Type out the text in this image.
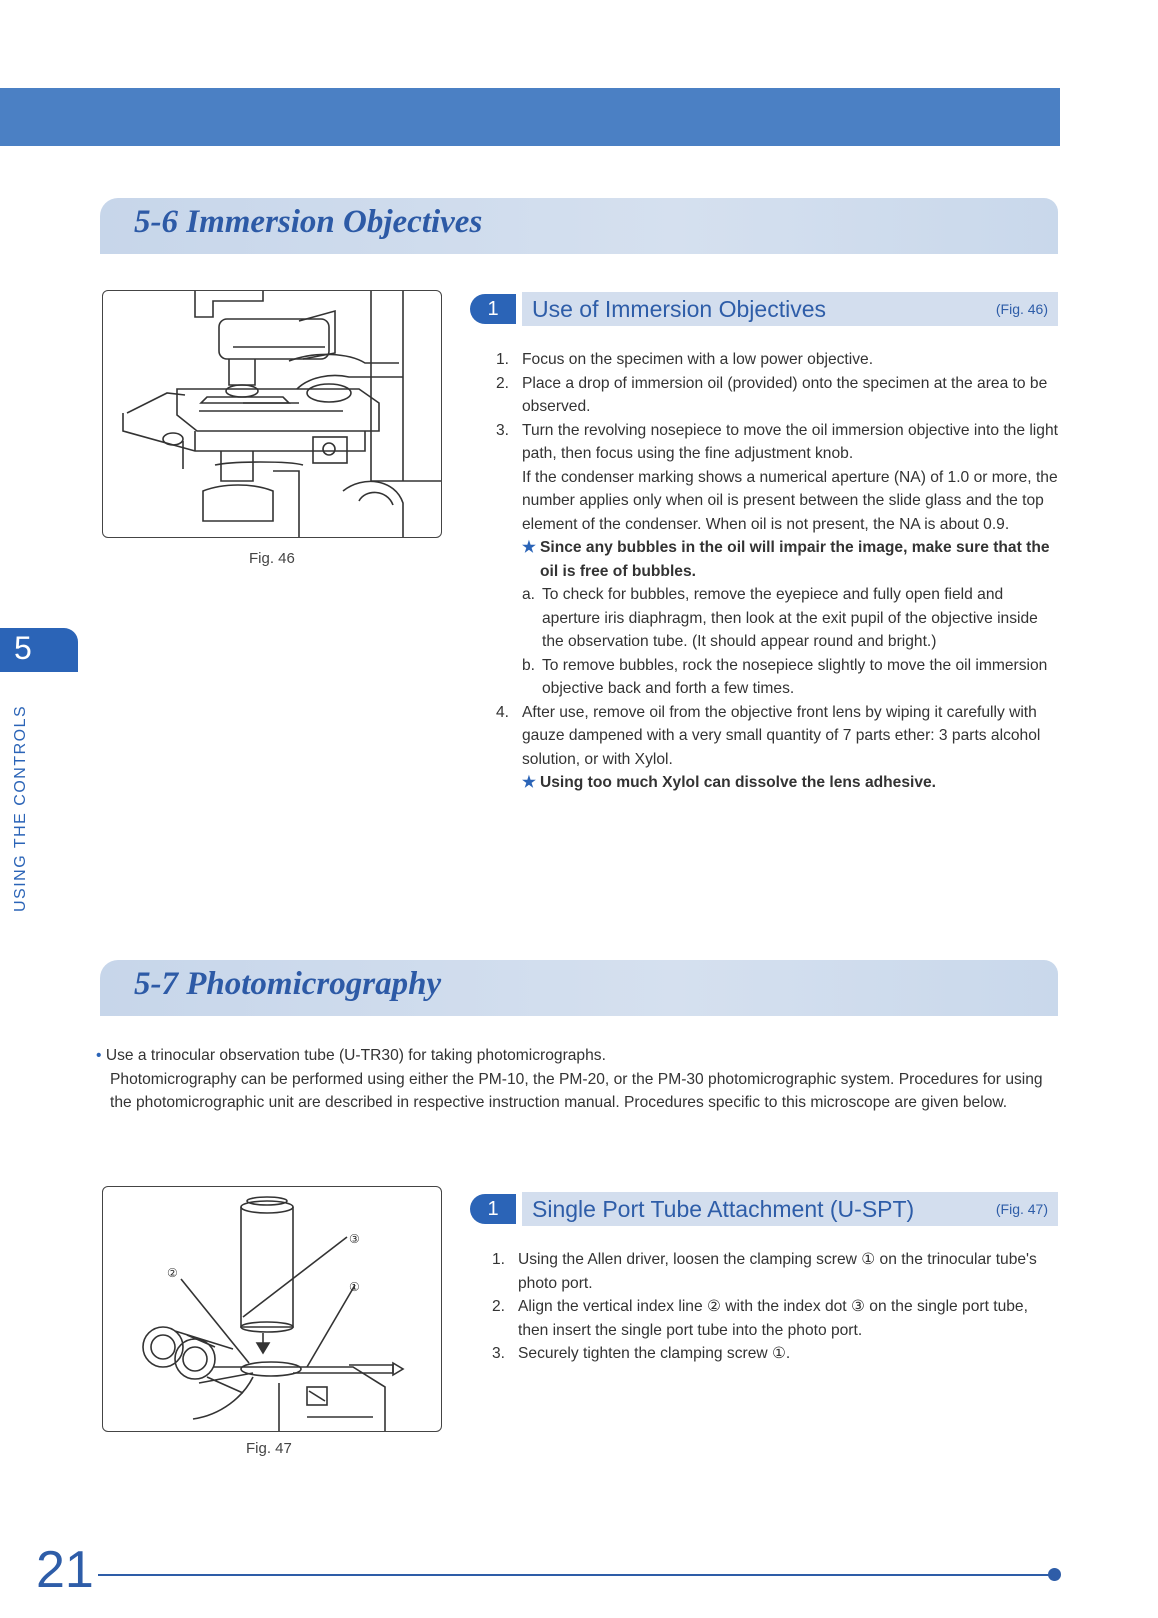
5-6 Immersion Objectives
Fig. 46
1	Use of Immersion Objectives	(Fig. 46)
1. Focus on the specimen with a low power objective.
2. Place a drop of immersion oil (provided) onto the specimen at the area to be observed.
3. Turn the revolving nosepiece to move the oil immersion objective into the light path, then focus using the fine adjustment knob.
If the condenser marking shows a numerical aperture (NA) of 1.0 or more, the number applies only when oil is present between the slide glass and the top element of the condenser. When oil is not present, the NA is about 0.9.
★ Since any bubbles in the oil will impair the image, make sure that the oil is free of bubbles.
a. To check for bubbles, remove the eyepiece and fully open field and aperture iris diaphragm, then look at the exit pupil of the objective inside the observation tube. (It should appear round and bright.)
b. To remove bubbles, rock the nosepiece slightly to move the oil immersion objective back and forth a few times.
4. After use, remove oil from the objective front lens by wiping it carefully with gauze dampened with a very small quantity of 7 parts ether: 3 parts alcohol solution, or with Xylol.
★ Using too much Xylol can dissolve the lens adhesive.
5
USING THE CONTROLS
5-7 Photomicrography
• Use a trinocular observation tube (U-TR30) for taking photomicrographs.
Photomicrography can be performed using either the PM-10, the PM-20, or the PM-30 photomicrographic system. Procedures for using the photomicrographic unit are described in respective instruction manual. Procedures specific to this microscope are given below.
③
①
②
Fig. 47
1	Single Port Tube Attachment (U-SPT)	(Fig. 47)
1. Using the Allen driver, loosen the clamping screw ① on the trinocular tube's photo port.
2. Align the vertical index line ② with the index dot ③ on the single port tube, then insert the single port tube into the photo port.
3. Securely tighten the clamping screw ①.
21
